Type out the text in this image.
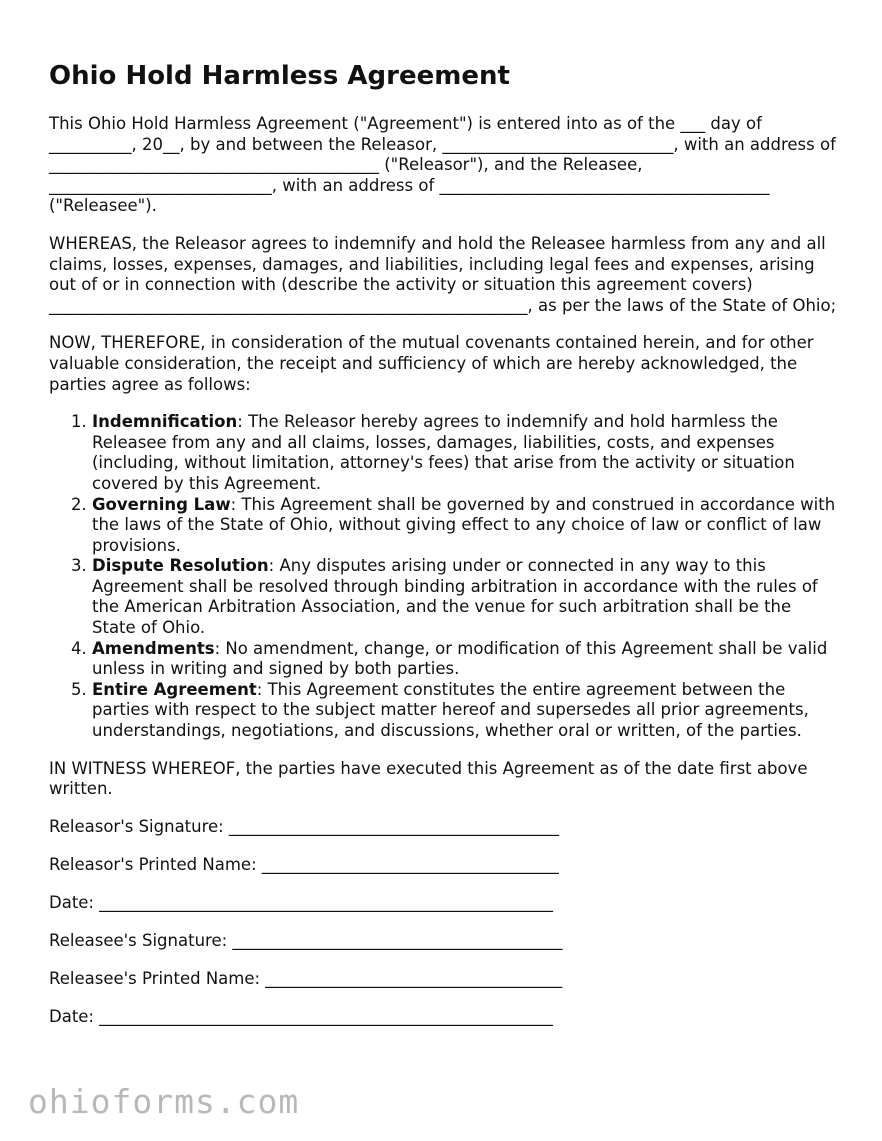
Ohio Hold Harmless Agreement

This Ohio Hold Harmless Agreement ("Agreement") is entered into as of the ___ day of __________, 20__, by and between the Releasor, ____________________________, with an address of ________________________________________ ("Releasor"), and the Releasee, ___________________________, with an address of ________________________________________ ("Releasee").

WHEREAS, the Releasor agrees to indemnify and hold the Releasee harmless from any and all claims, losses, expenses, damages, and liabilities, including legal fees and expenses, arising out of or in connection with (describe the activity or situation this agreement covers) __________________________________________________________, as per the laws of the State of Ohio;

NOW, THEREFORE, in consideration of the mutual covenants contained herein, and for other valuable consideration, the receipt and sufficiency of which are hereby acknowledged, the parties agree as follows:

1. Indemnification: The Releasor hereby agrees to indemnify and hold harmless the Releasee from any and all claims, losses, damages, liabilities, costs, and expenses (including, without limitation, attorney's fees) that arise from the activity or situation covered by this Agreement.
2. Governing Law: This Agreement shall be governed by and construed in accordance with the laws of the State of Ohio, without giving effect to any choice of law or conflict of law provisions.
3. Dispute Resolution: Any disputes arising under or connected in any way to this Agreement shall be resolved through binding arbitration in accordance with the rules of the American Arbitration Association, and the venue for such arbitration shall be the State of Ohio.
4. Amendments: No amendment, change, or modification of this Agreement shall be valid unless in writing and signed by both parties.
5. Entire Agreement: This Agreement constitutes the entire agreement between the parties with respect to the subject matter hereof and supersedes all prior agreements, understandings, negotiations, and discussions, whether oral or written, of the parties.

IN WITNESS WHEREOF, the parties have executed this Agreement as of the date first above written.

Releasor's Signature: ________________________________________
Releasor's Printed Name: ____________________________________
Date: _______________________________________________________
Releasee's Signature: ________________________________________
Releasee's Printed Name: ____________________________________
Date: _______________________________________________________
ohioforms.com
